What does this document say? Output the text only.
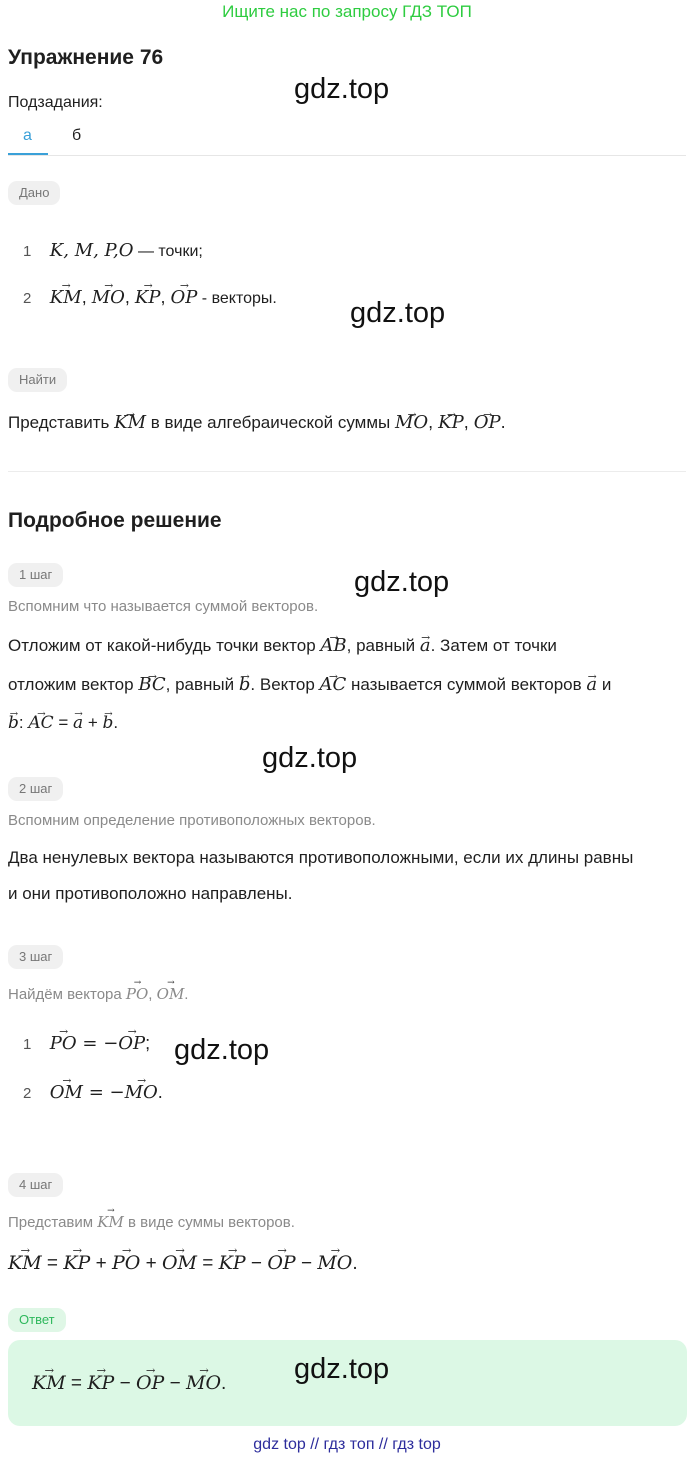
Ищите нас по запросу ГДЗ ТОП
Упражнение 76
gdz.top
Подзадания:
а	б
Дано
1 K, M, P,O — точки;
2 → KM, → MO, → KP, → OP - векторы.	gdz.top
Найти
Представить → KM в виде алгебраической суммы → MO, → KP, → OP.
Подробное решение
1 шаг	gdz.top
Вспомним что называется суммой векторов.
Отложим от какой-нибудь точки вектор → AB, равный → a. Затем от точки
отложим вектор → BC, равный → b. Вектор → AC называется суммой векторов → a и
→ b: → AC = → a + → b.
gdz.top
2 шаг
Вспомним определение противоположных векторов.
Два ненулевых вектора называются противоположными, если их длины равны
и они противоположно направлены.
3 шаг
Найдём вектора → PO, → OM.
1 → PO = −→ OP; gdz.top
2 → OM = −→ MO.
4 шаг
Представим → KM в виде суммы векторов.
→ KM = → KP + → PO + → OM = → KP − → OP − → MO.
Ответ
→ KM = → KP − → OP − → MO. gdz.top
gdz top // гдз топ // гдз top
